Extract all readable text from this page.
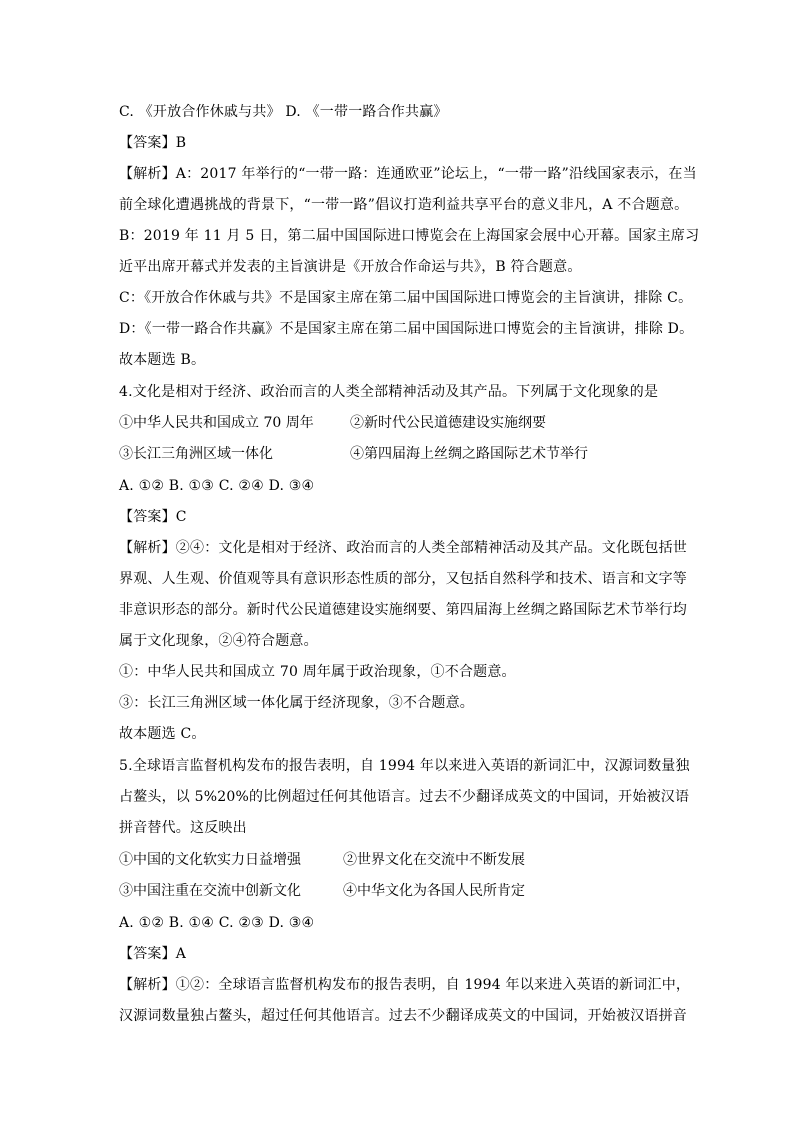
C. 《开放合作休戚与共》 D. 《一带一路合作共赢》
【答案】B
【解析】A：2017 年举行的“一带一路：连通欧亚”论坛上，“一带一路”沿线国家表示，在当
前全球化遭遇挑战的背景下，“一带一路”倡议打造利益共享平台的意义非凡，A 不合题意。
B：2019 年 11 月 5 日，第二届中国国际进口博览会在上海国家会展中心开幕。国家主席习
近平出席开幕式并发表的主旨演讲是《开放合作命运与共》，B 符合题意。
C：《开放合作休戚与共》不是国家主席在第二届中国国际进口博览会的主旨演讲，排除 C。
D：《一带一路合作共赢》不是国家主席在第二届中国国际进口博览会的主旨演讲，排除 D。
故本题选 B。
4.文化是相对于经济、政治而言的人类全部精神活动及其产品。下列属于文化现象的是
①中华人民共和国成立 70 周年	②新时代公民道德建设实施纲要
③长江三角洲区域一体化	④第四届海上丝绸之路国际艺术节举行
A. ①② B. ①③ C. ②④ D. ③④
【答案】C
【解析】②④：文化是相对于经济、政治而言的人类全部精神活动及其产品。文化既包括世
界观、人生观、价值观等具有意识形态性质的部分，又包括自然科学和技术、语言和文字等
非意识形态的部分。新时代公民道德建设实施纲要、第四届海上丝绸之路国际艺术节举行均
属于文化现象，②④符合题意。
①：中华人民共和国成立 70 周年属于政治现象，①不合题意。
③：长江三角洲区域一体化属于经济现象，③不合题意。
故本题选 C。
5.全球语言监督机构发布的报告表明，自 1994 年以来进入英语的新词汇中，汉源词数量独
占鳌头，以 5%20%的比例超过任何其他语言。过去不少翻译成英文的中国词，开始被汉语
拼音替代。这反映出
①中国的文化软实力日益增强	②世界文化在交流中不断发展
③中国注重在交流中创新文化	④中华文化为各国人民所肯定
A. ①② B. ①④ C. ②③ D. ③④
【答案】A
【解析】①②：全球语言监督机构发布的报告表明，自 1994 年以来进入英语的新词汇中，
汉源词数量独占鳌头，超过任何其他语言。过去不少翻译成英文的中国词，开始被汉语拼音
